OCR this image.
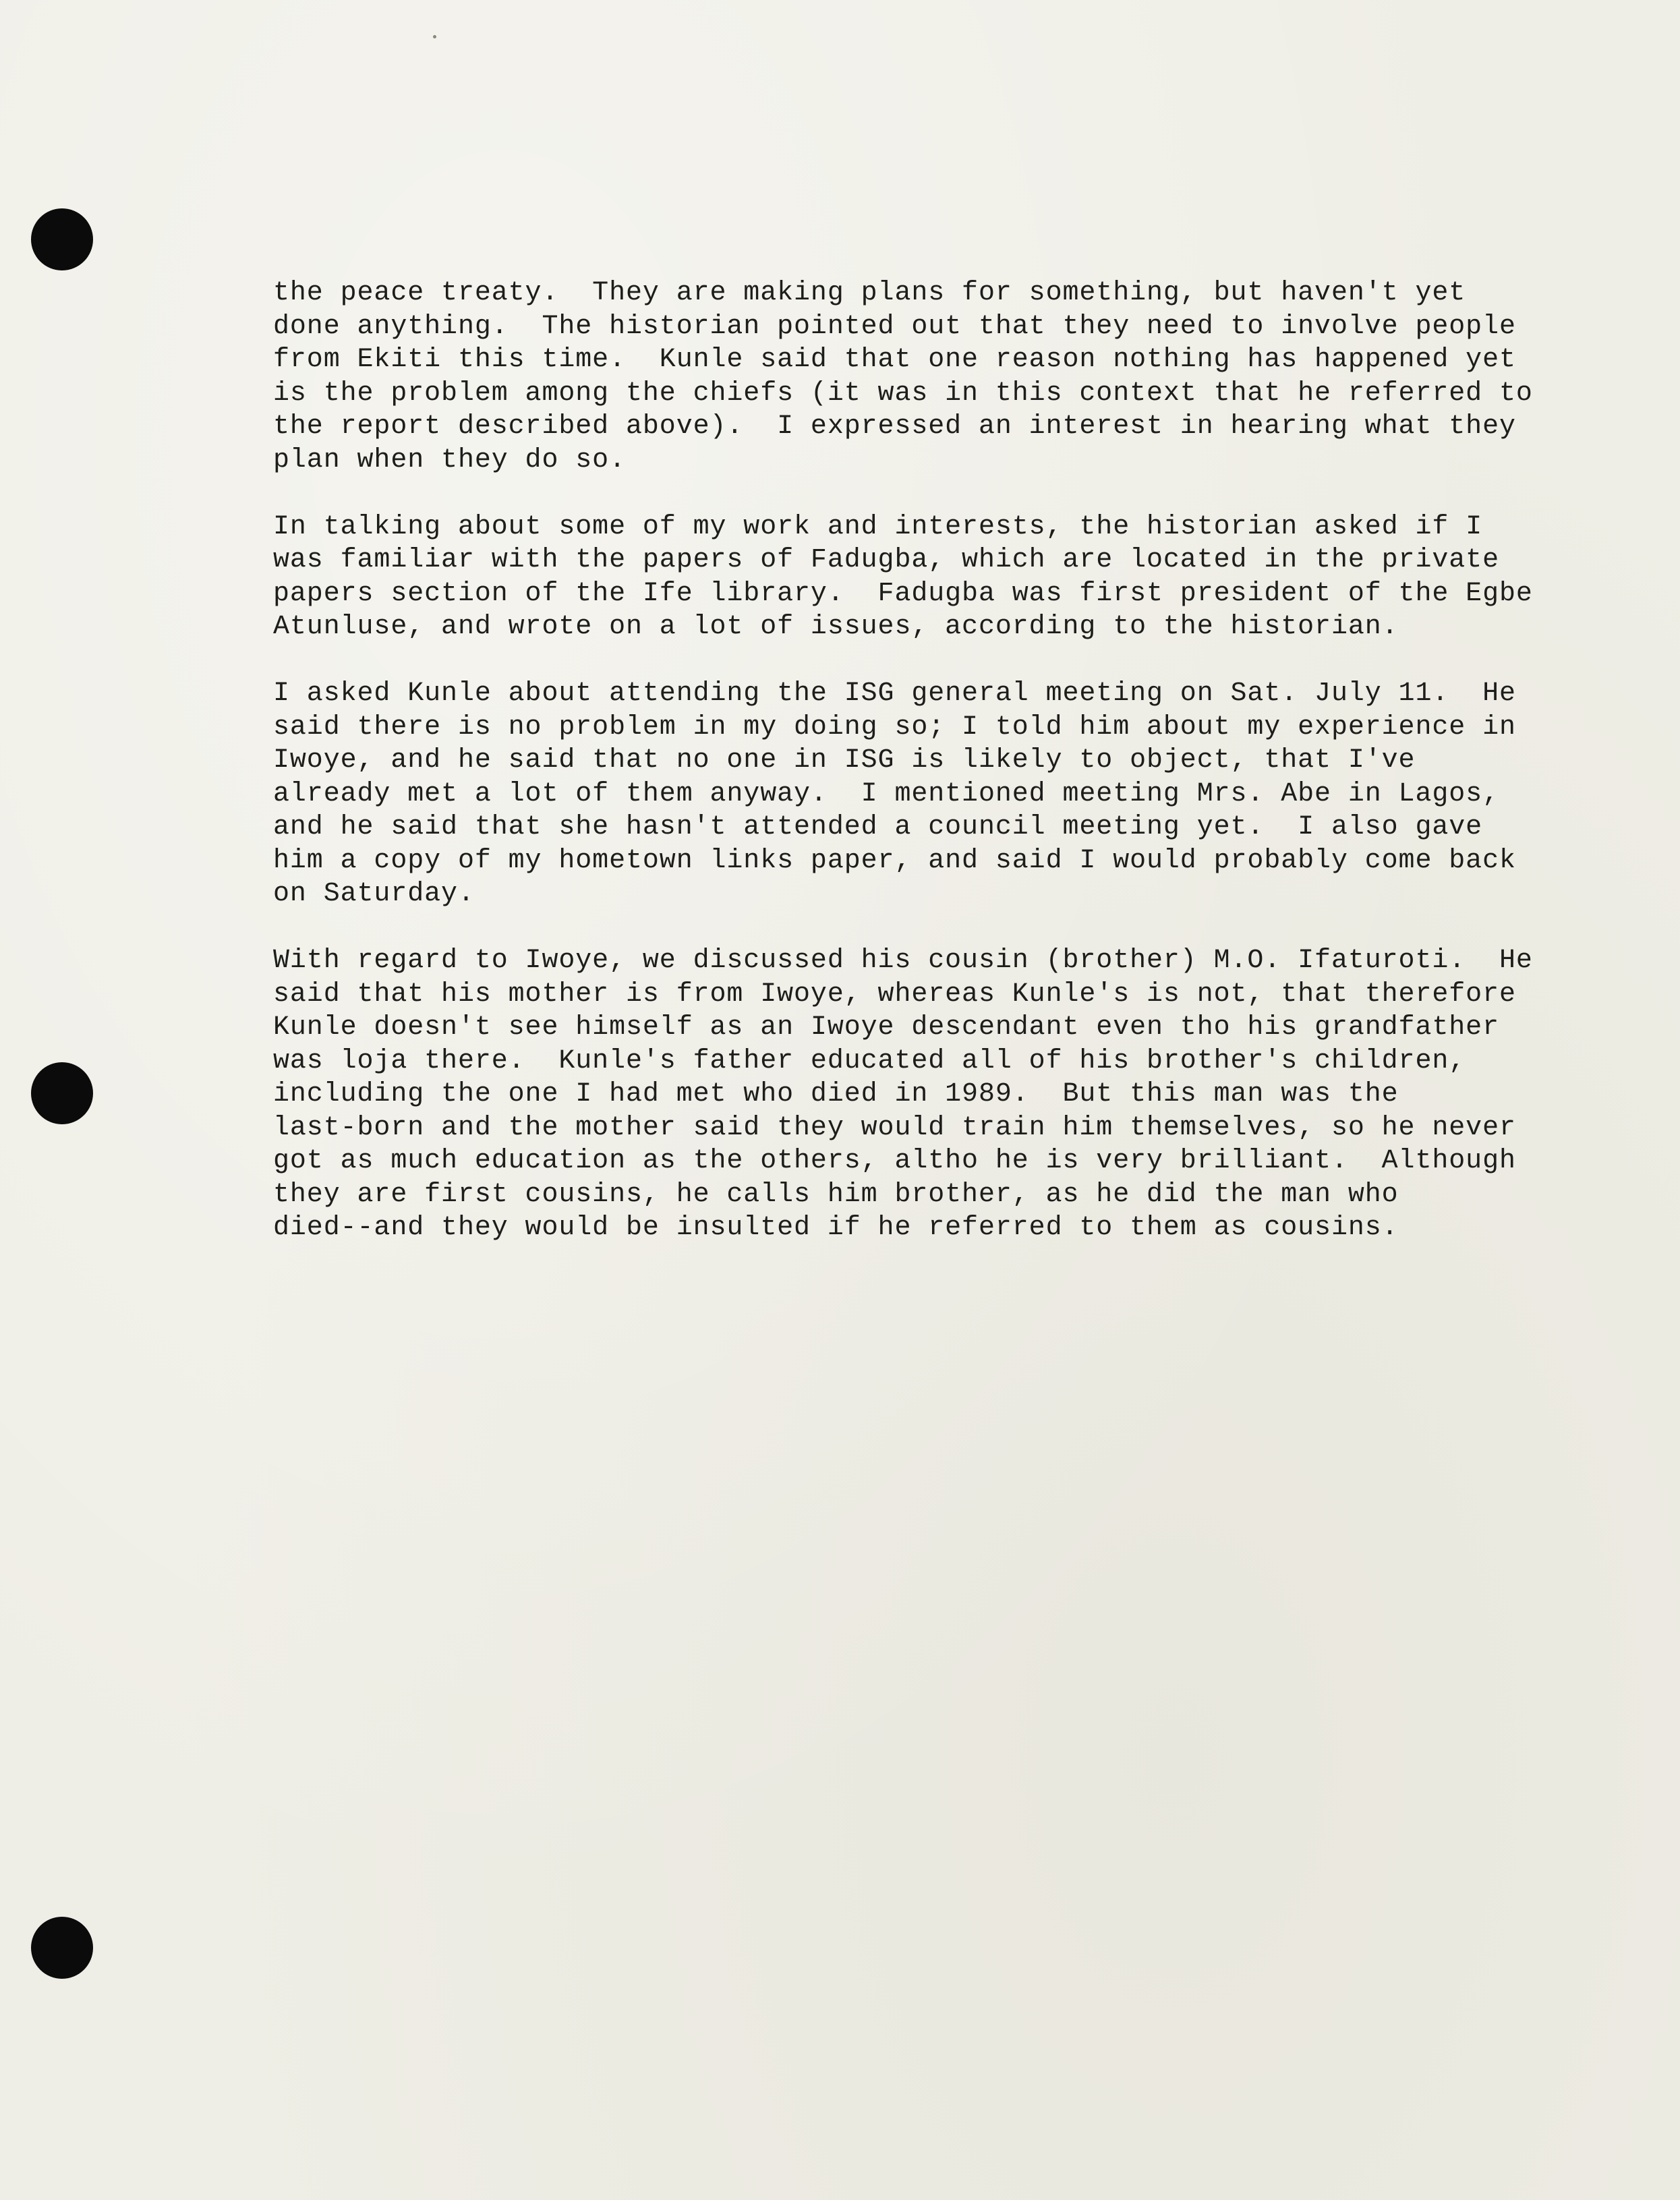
the peace treaty.  They are making plans for something, but haven't yet
done anything.  The historian pointed out that they need to involve people
from Ekiti this time.  Kunle said that one reason nothing has happened yet
is the problem among the chiefs (it was in this context that he referred to
the report described above).  I expressed an interest in hearing what they
plan when they do so.
In talking about some of my work and interests, the historian asked if I
was familiar with the papers of Fadugba, which are located in the private
papers section of the Ife library.  Fadugba was first president of the Egbe
Atunluse, and wrote on a lot of issues, according to the historian.
I asked Kunle about attending the ISG general meeting on Sat. July 11.  He
said there is no problem in my doing so; I told him about my experience in
Iwoye, and he said that no one in ISG is likely to object, that I've
already met a lot of them anyway.  I mentioned meeting Mrs. Abe in Lagos,
and he said that she hasn't attended a council meeting yet.  I also gave
him a copy of my hometown links paper, and said I would probably come back
on Saturday.
With regard to Iwoye, we discussed his cousin (brother) M.O. Ifaturoti.  He
said that his mother is from Iwoye, whereas Kunle's is not, that therefore
Kunle doesn't see himself as an Iwoye descendant even tho his grandfather
was loja there.  Kunle's father educated all of his brother's children,
including the one I had met who died in 1989.  But this man was the
last-born and the mother said they would train him themselves, so he never
got as much education as the others, altho he is very brilliant.  Although
they are first cousins, he calls him brother, as he did the man who
died--and they would be insulted if he referred to them as cousins.
